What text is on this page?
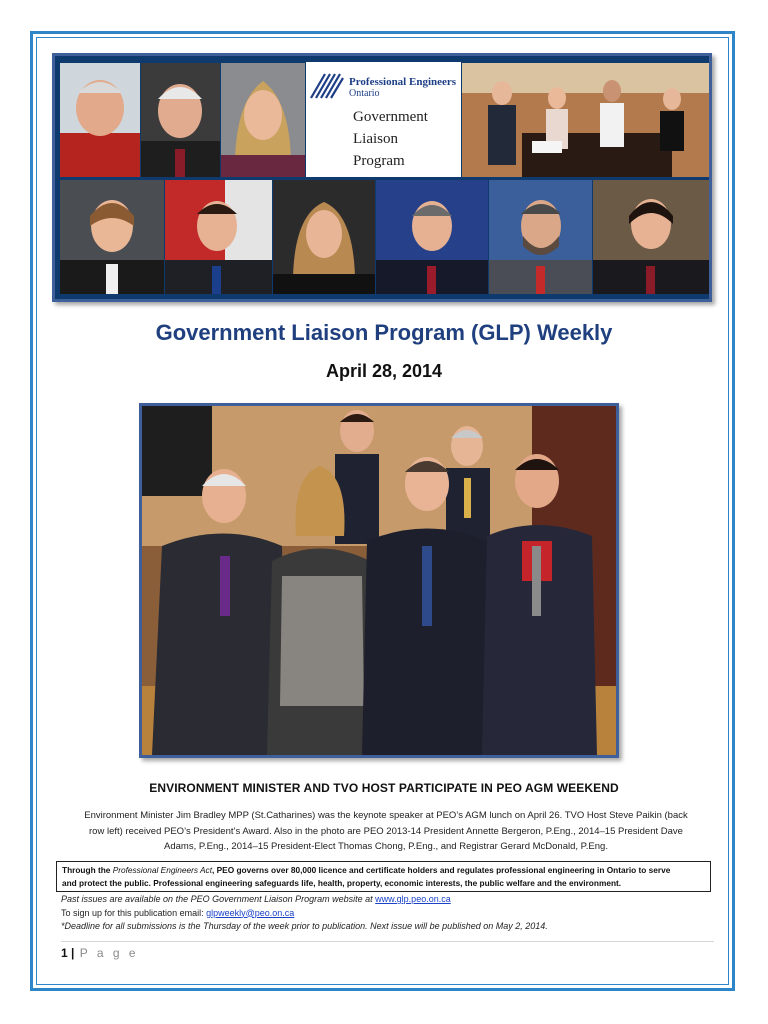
Professional Engineers
Ontario
Government
Liaison
Program
Government Liaison Program (GLP) Weekly
April 28, 2014
ENVIRONMENT MINISTER AND TVO HOST PARTICIPATE IN PEO AGM WEEKEND
Environment Minister Jim Bradley MPP (St.Catharines) was the keynote speaker at PEO’s AGM lunch on April 26. TVO Host Steve Paikin (back
row left) received PEO’s President’s Award. Also in the photo are PEO 2013-14 President Annette Bergeron, P.Eng., 2014–15 President Dave
Adams, P.Eng., 2014–15 President-Elect Thomas Chong, P.Eng., and Registrar Gerard McDonald, P.Eng.
Through the Professional Engineers Act, PEO governs over 80,000 licence and certificate holders and regulates professional engineering in Ontario to serve
and protect the public. Professional engineering safeguards life, health, property, economic interests, the public welfare and the environment.
Past issues are available on the PEO Government Liaison Program website at www.glp.peo.on.ca
To sign up for this publication email: glpweekly@peo.on.ca
*Deadline for all submissions is the Thursday of the week prior to publication. Next issue will be published on May 2, 2014.
1 | P a g e
